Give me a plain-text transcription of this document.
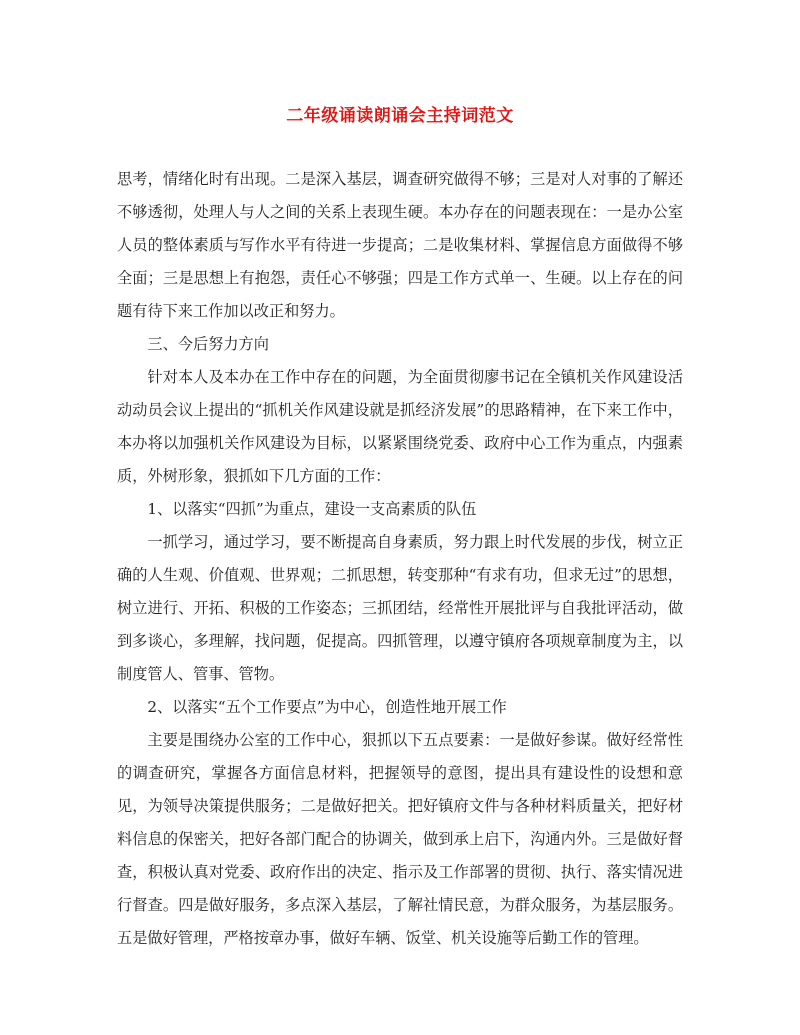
二年级诵读朗诵会主持词范文

思考，情绪化时有出现。二是深入基层，调查研究做得不够；三是对人对事的了解还不够透彻，处理人与人之间的关系上表现生硬。本办存在的问题表现在：一是办公室人员的整体素质与写作水平有待进一步提高；二是收集材料、掌握信息方面做得不够全面；三是思想上有抱怨，责任心不够强；四是工作方式单一、生硬。以上存在的问题有待下来工作加以改正和努力。

三、今后努力方向

针对本人及本办在工作中存在的问题，为全面贯彻廖书记在全镇机关作风建设活动动员会议上提出的“抓机关作风建设就是抓经济发展”的思路精神，在下来工作中，本办将以加强机关作风建设为目标，以紧紧围绕党委、政府中心工作为重点，内强素质，外树形象，狠抓如下几方面的工作：

1、以落实“四抓”为重点，建设一支高素质的队伍

一抓学习，通过学习，要不断提高自身素质，努力跟上时代发展的步伐，树立正确的人生观、价值观、世界观；二抓思想，转变那种“有求有功，但求无过”的思想，树立进行、开拓、积极的工作姿态；三抓团结，经常性开展批评与自我批评活动，做到多谈心，多理解，找问题，促提高。四抓管理，以遵守镇府各项规章制度为主，以制度管人、管事、管物。

2、以落实“五个工作要点”为中心，创造性地开展工作

主要是围绕办公室的工作中心，狠抓以下五点要素：一是做好参谋。做好经常性的调查研究，掌握各方面信息材料，把握领导的意图，提出具有建设性的设想和意见，为领导决策提供服务；二是做好把关。把好镇府文件与各种材料质量关，把好材料信息的保密关，把好各部门配合的协调关，做到承上启下，沟通内外。三是做好督查，积极认真对党委、政府作出的决定、指示及工作部署的贯彻、执行、落实情况进行督查。四是做好服务，多点深入基层，了解社情民意，为群众服务，为基层服务。五是做好管理，严格按章办事，做好车辆、饭堂、机关设施等后勤工作的管理。
